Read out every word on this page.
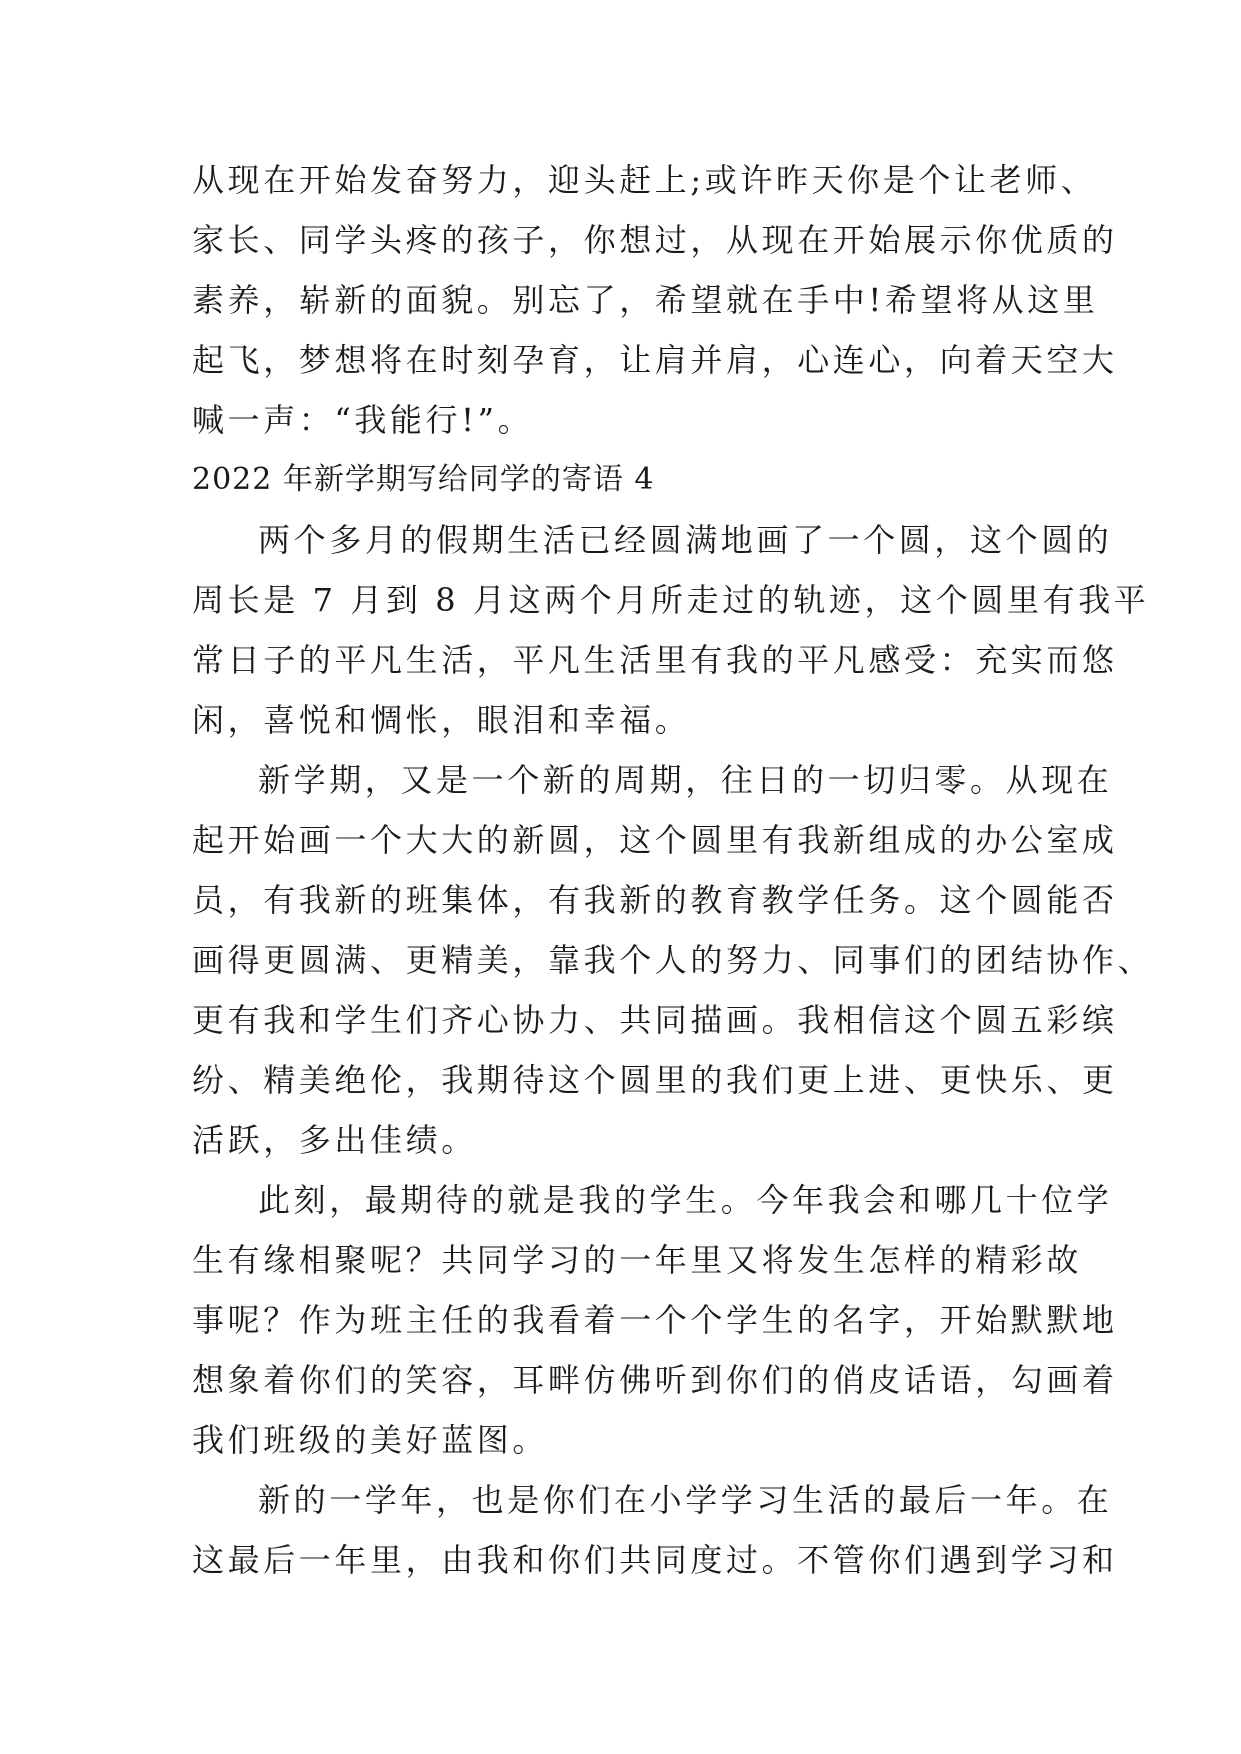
从现在开始发奋努力，迎头赶上;或许昨天你是个让老师、
家长、同学头疼的孩子，你想过，从现在开始展示你优质的
素养，崭新的面貌。别忘了，希望就在手中!希望将从这里
起飞，梦想将在时刻孕育，让肩并肩，心连心，向着天空大
喊一声：“我能行!”。
2022 年新学期写给同学的寄语 4
两个多月的假期生活已经圆满地画了一个圆，这个圆的
周长是 7 月到 8 月这两个月所走过的轨迹，这个圆里有我平
常日子的平凡生活，平凡生活里有我的平凡感受：充实而悠
闲，喜悦和惆怅，眼泪和幸福。
新学期，又是一个新的周期，往日的一切归零。从现在
起开始画一个大大的新圆，这个圆里有我新组成的办公室成
员，有我新的班集体，有我新的教育教学任务。这个圆能否
画得更圆满、更精美，靠我个人的努力、同事们的团结协作、
更有我和学生们齐心协力、共同描画。我相信这个圆五彩缤
纷、精美绝伦，我期待这个圆里的我们更上进、更快乐、更
活跃，多出佳绩。
此刻，最期待的就是我的学生。今年我会和哪几十位学
生有缘相聚呢？共同学习的一年里又将发生怎样的精彩故
事呢？作为班主任的我看着一个个学生的名字，开始默默地
想象着你们的笑容，耳畔仿佛听到你们的俏皮话语，勾画着
我们班级的美好蓝图。
新的一学年，也是你们在小学学习生活的最后一年。在
这最后一年里，由我和你们共同度过。不管你们遇到学习和
